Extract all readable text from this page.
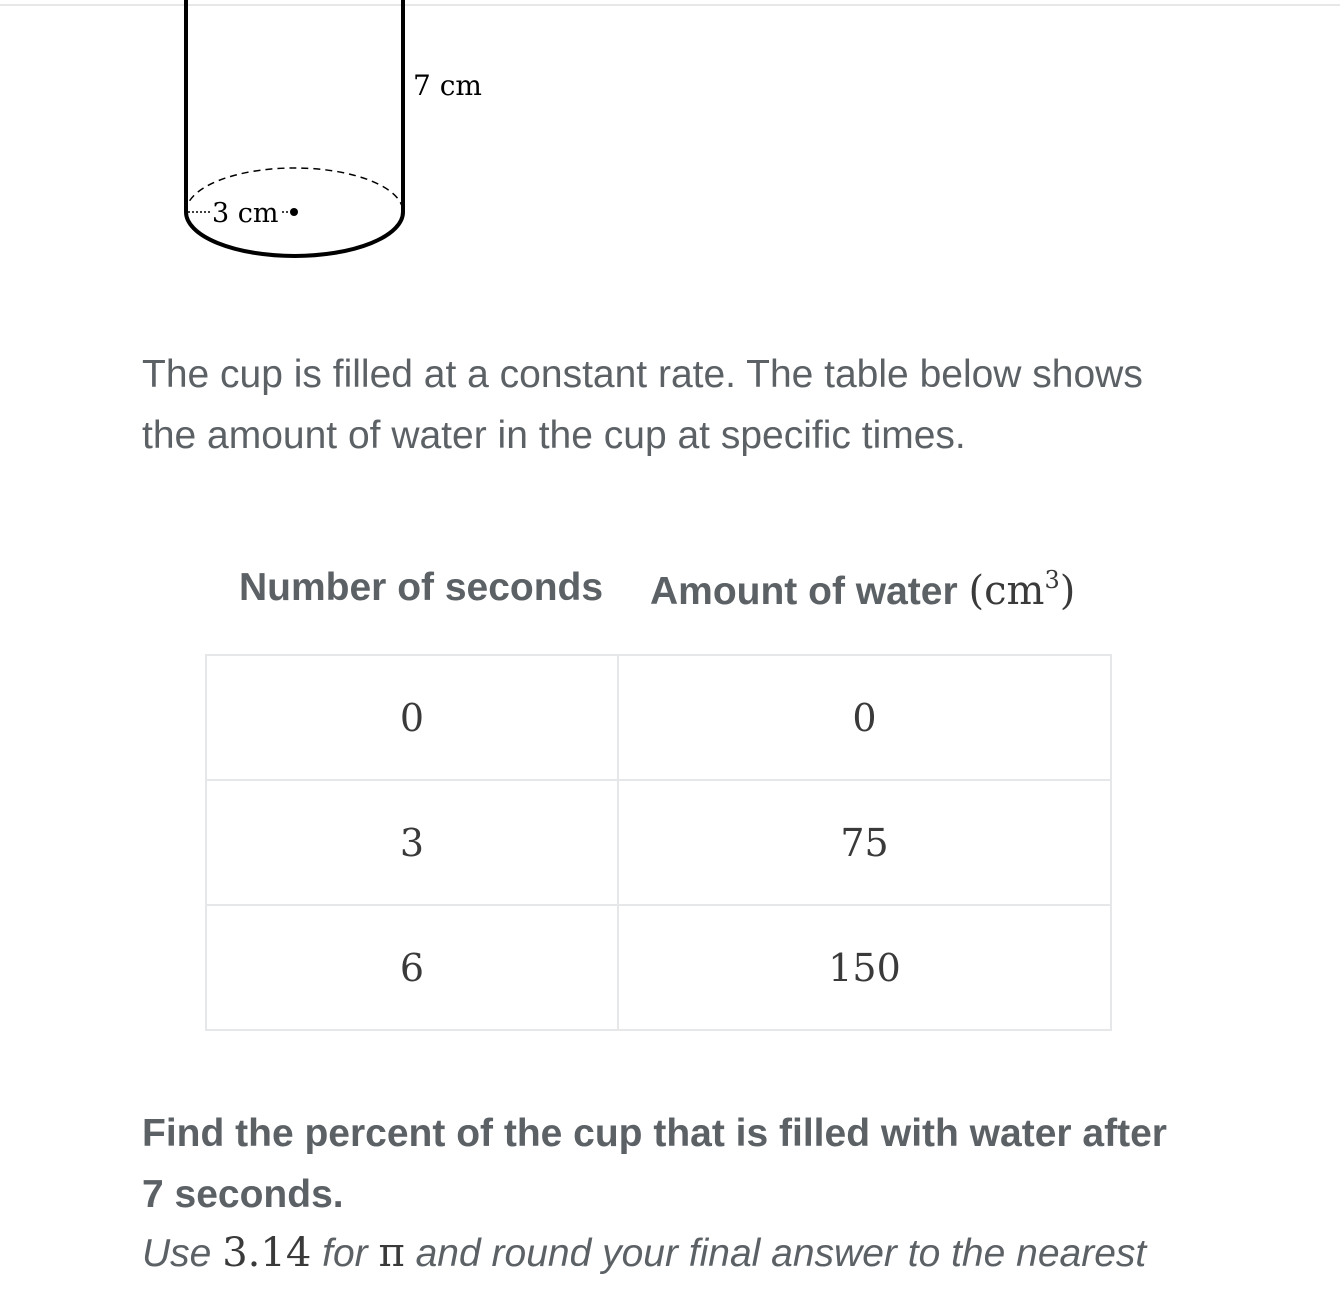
7 cm
3 cm

The cup is filled at a constant rate. The table below shows
the amount of water in the cup at specific times.

Number of seconds Amount of water $(cm^3)$
0	0
3	75
6	150

Find the percent of the cup that is filled with water after
7 seconds.

Use 3.14 for π and round your final answer to the nearest
